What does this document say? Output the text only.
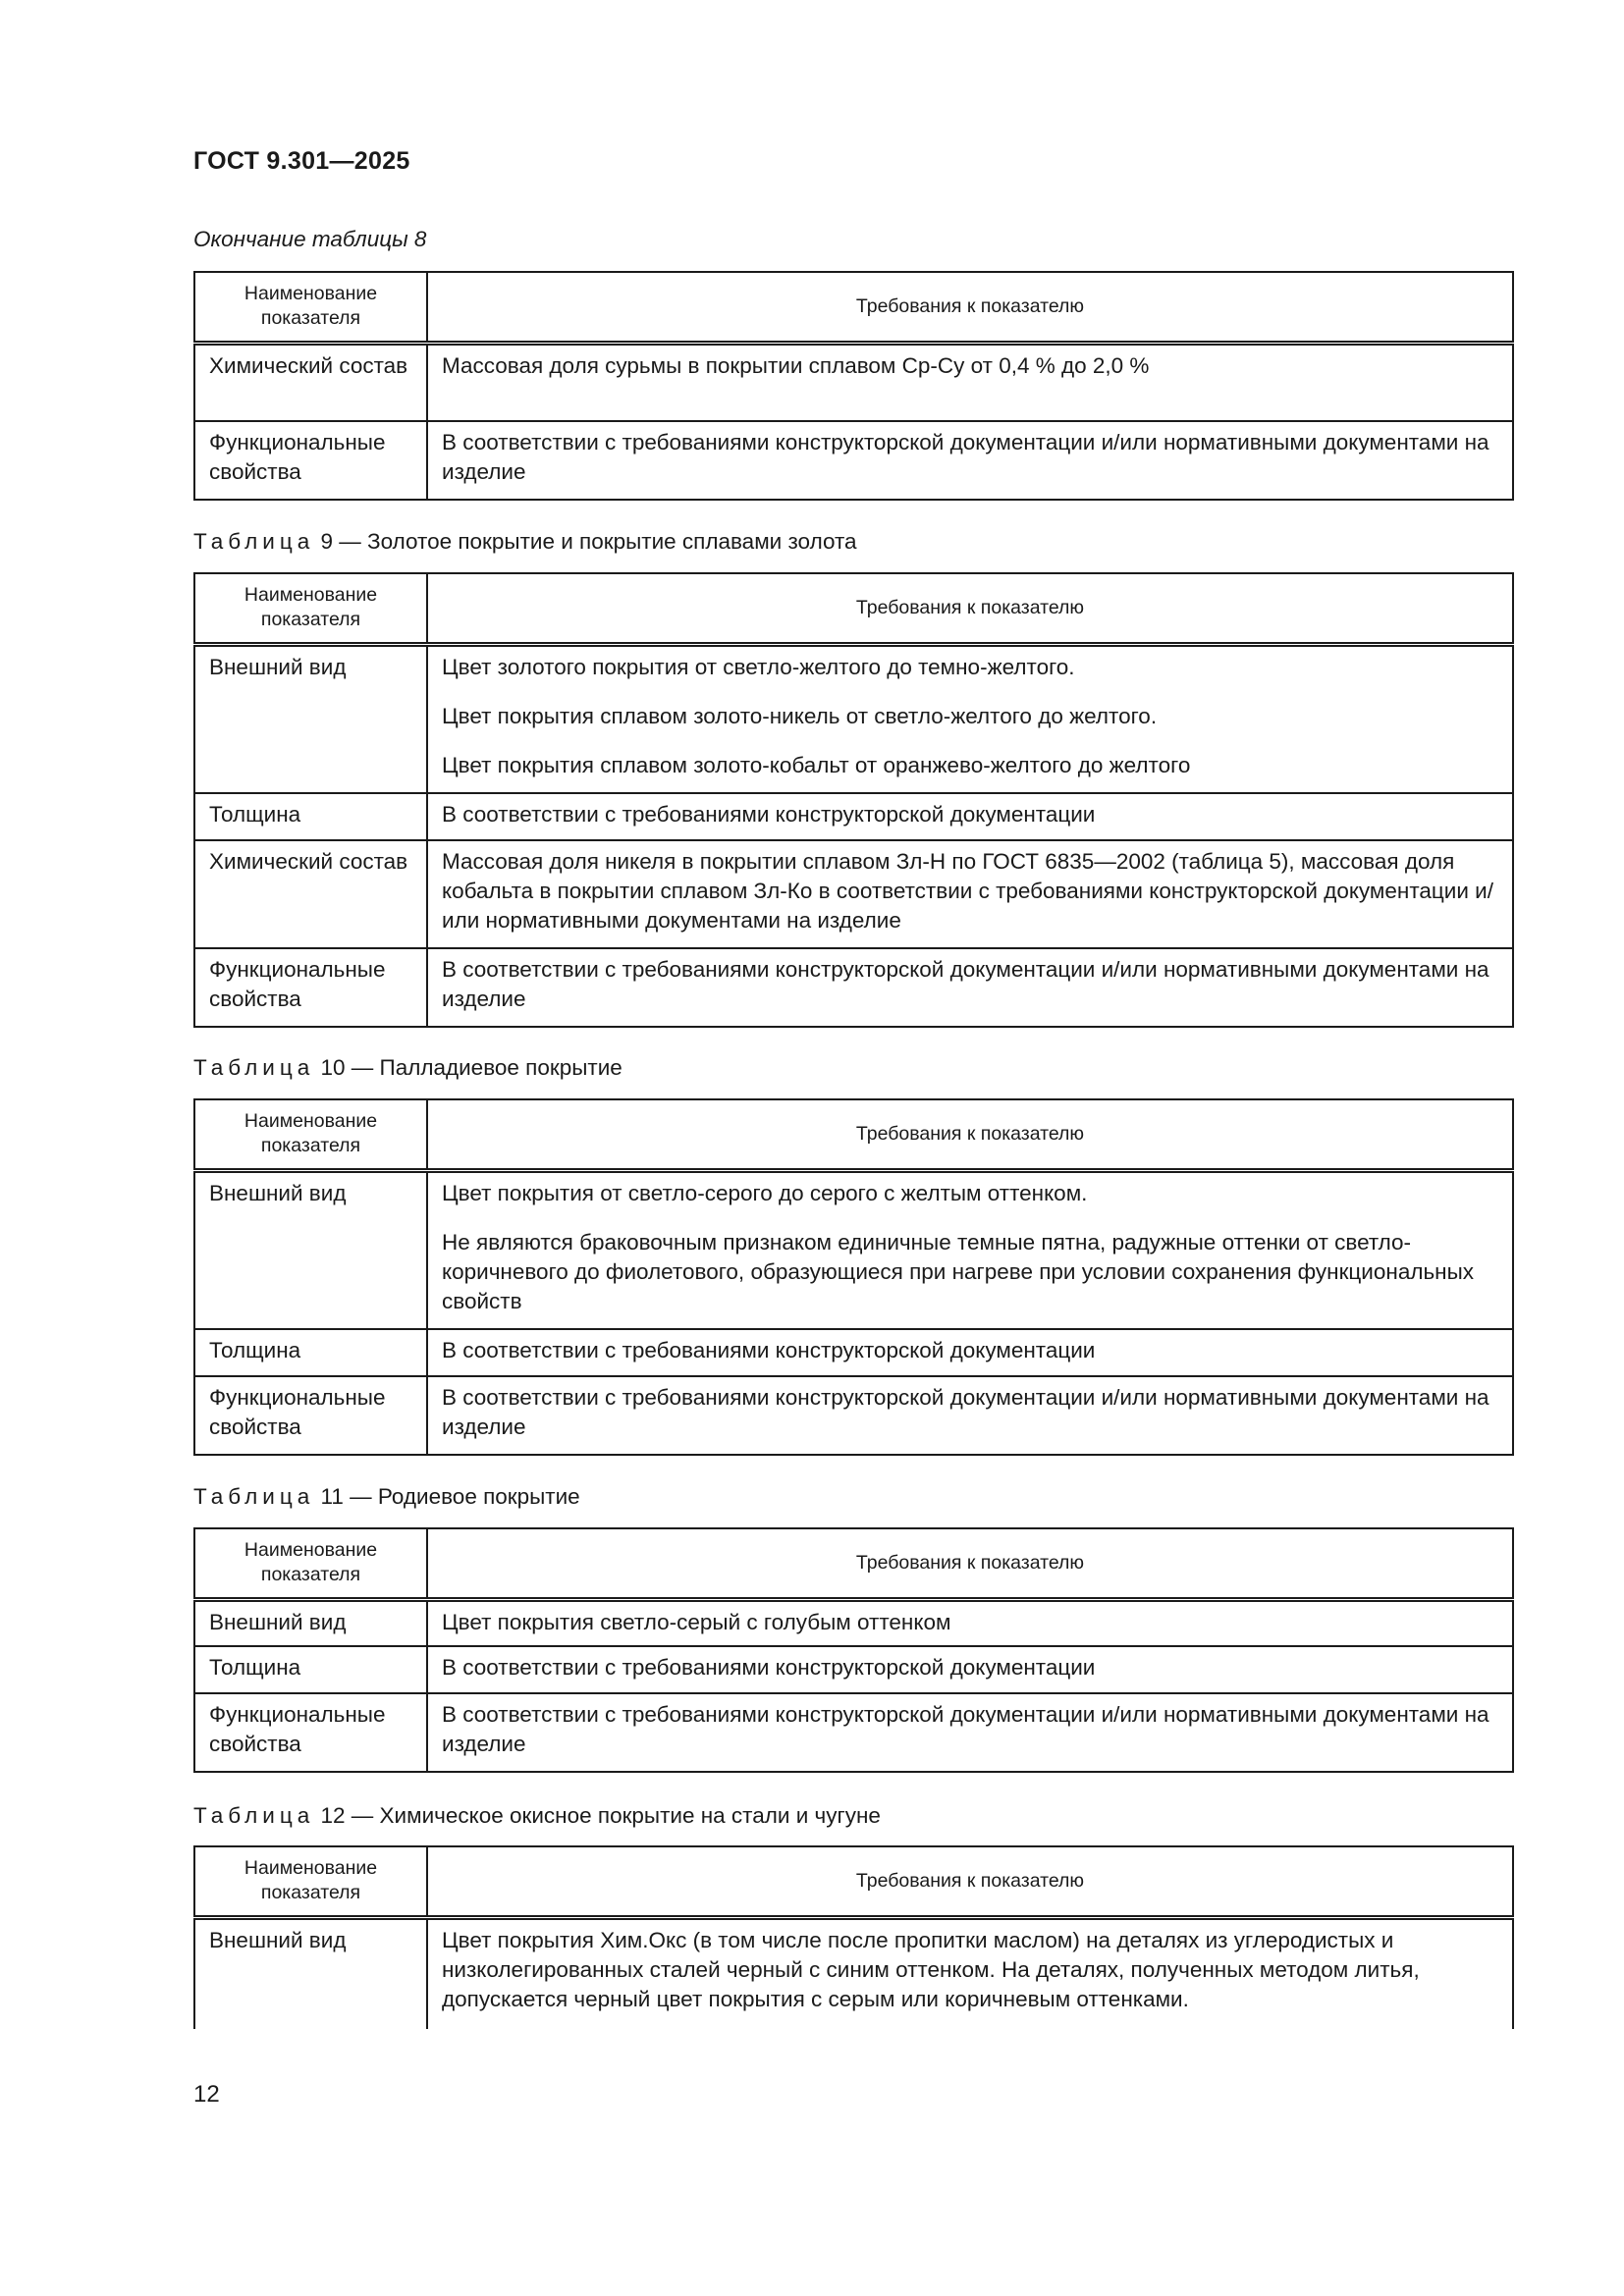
ГОСТ 9.301—2025
Окончание таблицы 8
Наименование показателя	Требования к показателю
Химический состав	Массовая доля сурьмы в покрытии сплавом Ср-Су от 0,4 % до 2,0 %

Функциональные свойства	В соответствии с требованиями конструкторской документации и/или нормативными документами на изделие

Таблица 9 — Золотое покрытие и покрытие сплавами золота
Наименование показателя	Требования к показателю
Внешний вид	Цвет золотого покрытия от светло-желтого до темно-желтого.

Цвет покрытия сплавом золото-никель от светло-желтого до желтого.

Цвет покрытия сплавом золото-кобальт от оранжево-желтого до желтого

Толщина	В соответствии с требованиями конструкторской документации

Химический состав	Массовая доля никеля в покрытии сплавом Зл-Н по ГОСТ 6835—2002 (таблица 5), массовая доля кобальта в покрытии сплавом Зл-Ко в соответствии с требованиями конструкторской документации и/или нормативными документами на изделие

Функциональные свойства	В соответствии с требованиями конструкторской документации и/или нормативными документами на изделие

Таблица 10 — Палладиевое покрытие
Наименование показателя	Требования к показателю
Внешний вид	Цвет покрытия от светло-серого до серого с желтым оттенком.

Не являются браковочным признаком единичные темные пятна, радужные оттенки от светло-коричневого до фиолетового, образующиеся при нагреве при условии сохранения функциональных свойств

Толщина	В соответствии с требованиями конструкторской документации

Функциональные свойства	В соответствии с требованиями конструкторской документации и/или нормативными документами на изделие

Таблица 11 — Родиевое покрытие
Наименование показателя	Требования к показателю
Внешний вид	Цвет покрытия светло-серый с голубым оттенком

Толщина	В соответствии с требованиями конструкторской документации

Функциональные свойства	В соответствии с требованиями конструкторской документации и/или нормативными документами на изделие

Таблица 12 — Химическое окисное покрытие на стали и чугуне
Наименование показателя	Требования к показателю
Внешний вид	Цвет покрытия Хим.Окс (в том числе после пропитки маслом) на деталях из углеродистых и низколегированных сталей черный с синим оттенком. На деталях, полученных методом литья, допускается черный цвет покрытия с серым или коричневым оттенками.

12
